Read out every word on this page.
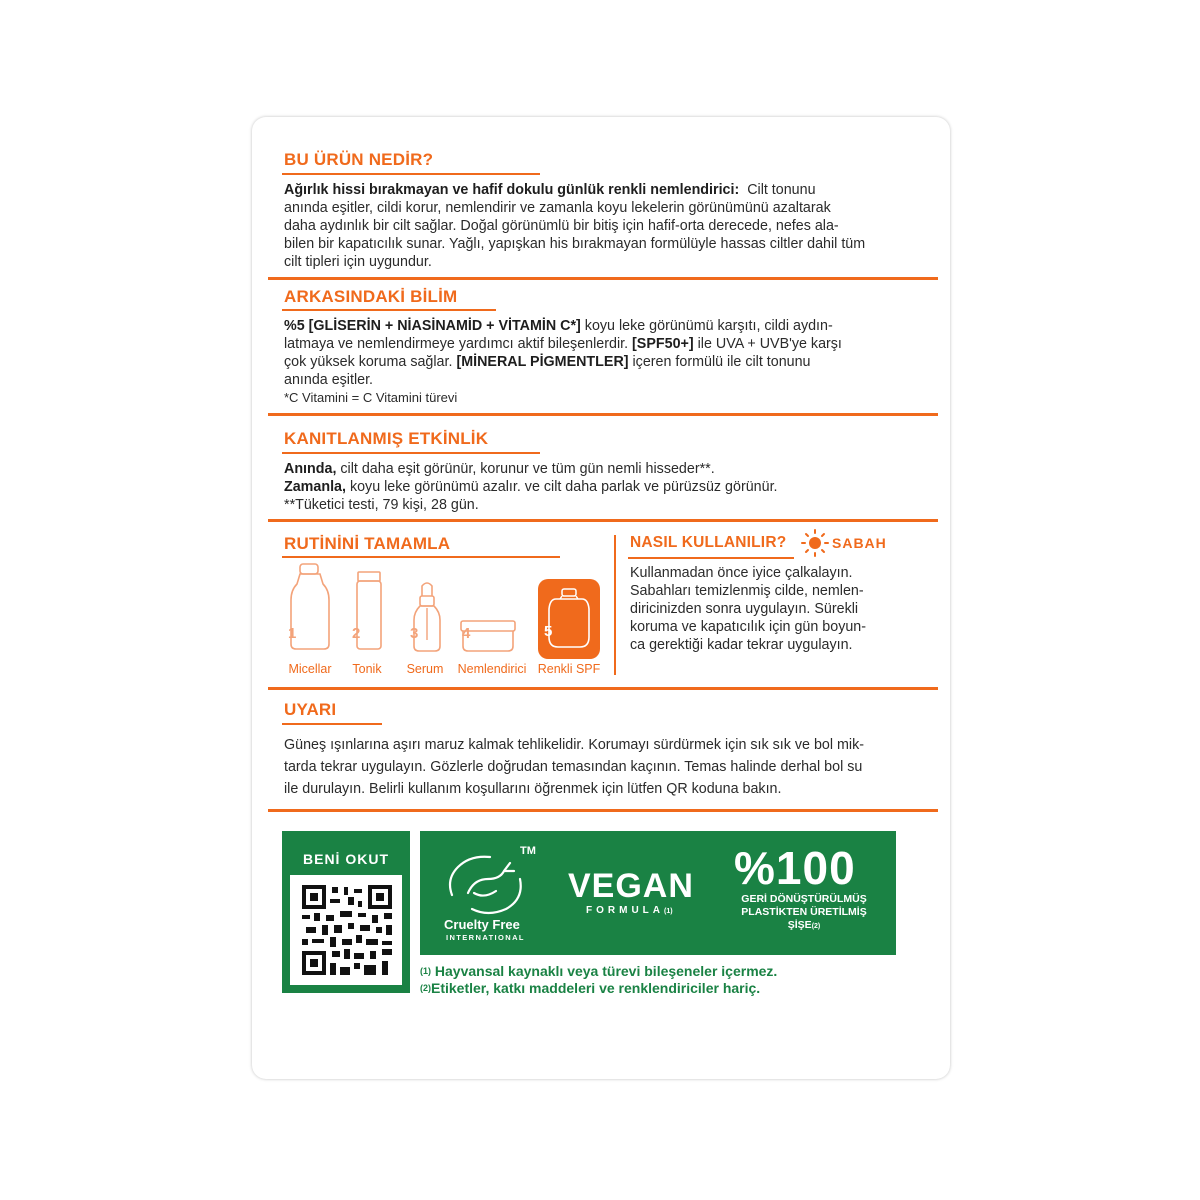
BU ÜRÜN NEDİR?
Ağırlık hissi bırakmayan ve hafif dokulu günlük renkli nemlendirici: Cilt tonunu
anında eşitler, cildi korur, nemlendirir ve zamanla koyu lekelerin görünümünü azaltarak
daha aydınlık bir cilt sağlar. Doğal görünümlü bir bitiş için hafif-orta derecede, nefes ala-
bilen bir kapatıcılık sunar. Yağlı, yapışkan his bırakmayan formülüyle hassas ciltler dahil tüm
cilt tipleri için uygundur.
ARKASINDAKİ BİLİM
%5 [GLİSERİN + NİASİNAMİD + VİTAMİN C*] koyu leke görünümü karşıtı, cildi aydın-
latmaya ve nemlendirmeye yardımcı aktif bileşenlerdir. [SPF50+] ile UVA + UVB'ye karşı
çok yüksek koruma sağlar. [MİNERAL PİGMENTLER] içeren formülü ile cilt tonunu
anında eşitler.
*C Vitamini = C Vitamini türevi
KANITLANMIŞ ETKİNLİK
Anında, cilt daha eşit görünür, korunur ve tüm gün nemli hisseder**.
Zamanla, koyu leke görünümü azalır. ve cilt daha parlak ve pürüzsüz görünür.
**Tüketici testi, 79 kişi, 28 gün.
RUTİNİNİ TAMAMLA
1
Micellar
2
Tonik
3
Serum
4
Nemlendirici
5
Renkli SPF
NASIL KULLANILIR?	SABAH
Kullanmadan önce iyice çalkalayın.
Sabahları temizlenmiş cilde, nemlen-
diricinizden sonra uygulayın. Sürekli
koruma ve kapatıcılık için gün boyun-
ca gerektiği kadar tekrar uygulayın.
UYARI
Güneş ışınlarına aşırı maruz kalmak tehlikelidir. Korumayı sürdürmek için sık sık ve bol mik-
tarda tekrar uygulayın. Gözlerle doğrudan temasından kaçının. Temas halinde derhal bol su
ile durulayın. Belirli kullanım koşullarını öğrenmek için lütfen QR koduna bakın.
BENİ OKUT	TM
Cruelty Free
INTERNATIONAL
VEGAN
FORMULA(1)
%100
GERİ DÖNÜŞTÜRÜLMÜŞ
PLASTİKTEN ÜRETİLMİŞ
ŞİŞE(2)
$^{(1)}$ Hayvansal kaynaklı veya türevi bileşeneler içermez.
$^{(2)}$Etiketler, katkı maddeleri ve renklendiriciler hariç.
